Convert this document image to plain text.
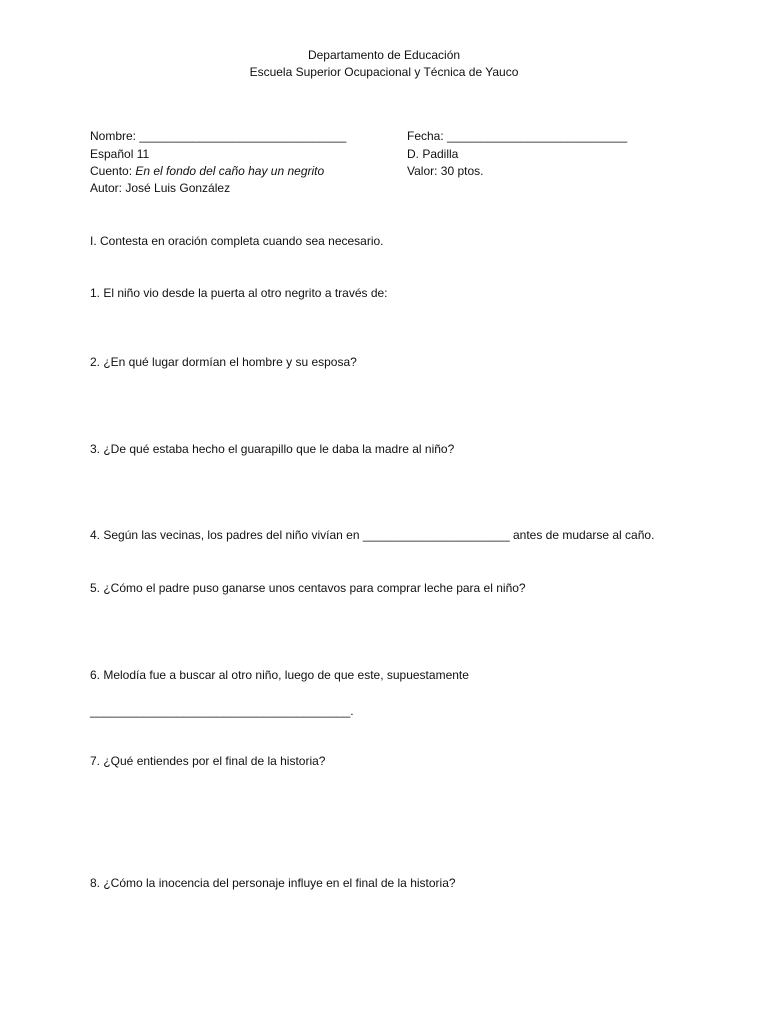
Departamento de Educación
Escuela Superior Ocupacional y Técnica de Yauco
Nombre: _______________________________	Fecha: ___________________________
Español 11	D. Padilla
Cuento: En el fondo del caño hay un negrito	Valor: 30 ptos.
Autor: José Luis González
I. Contesta en oración completa cuando sea necesario.
1. El niño vio desde la puerta al otro negrito a través de:
2. ¿En qué lugar dormían el hombre y su esposa?
3. ¿De qué estaba hecho el guarapillo que le daba la madre al niño?
4. Según las vecinas, los padres del niño vivían en ______________________ antes de mudarse al caño.
5. ¿Cómo el padre puso ganarse unos centavos para comprar leche para el niño?
6. Melodía fue a buscar al otro niño, luego de que este, supuestamente
_______________________________________.
7. ¿Qué entiendes por el final de la historia?
8. ¿Cómo la inocencia del personaje influye en el final de la historia?
